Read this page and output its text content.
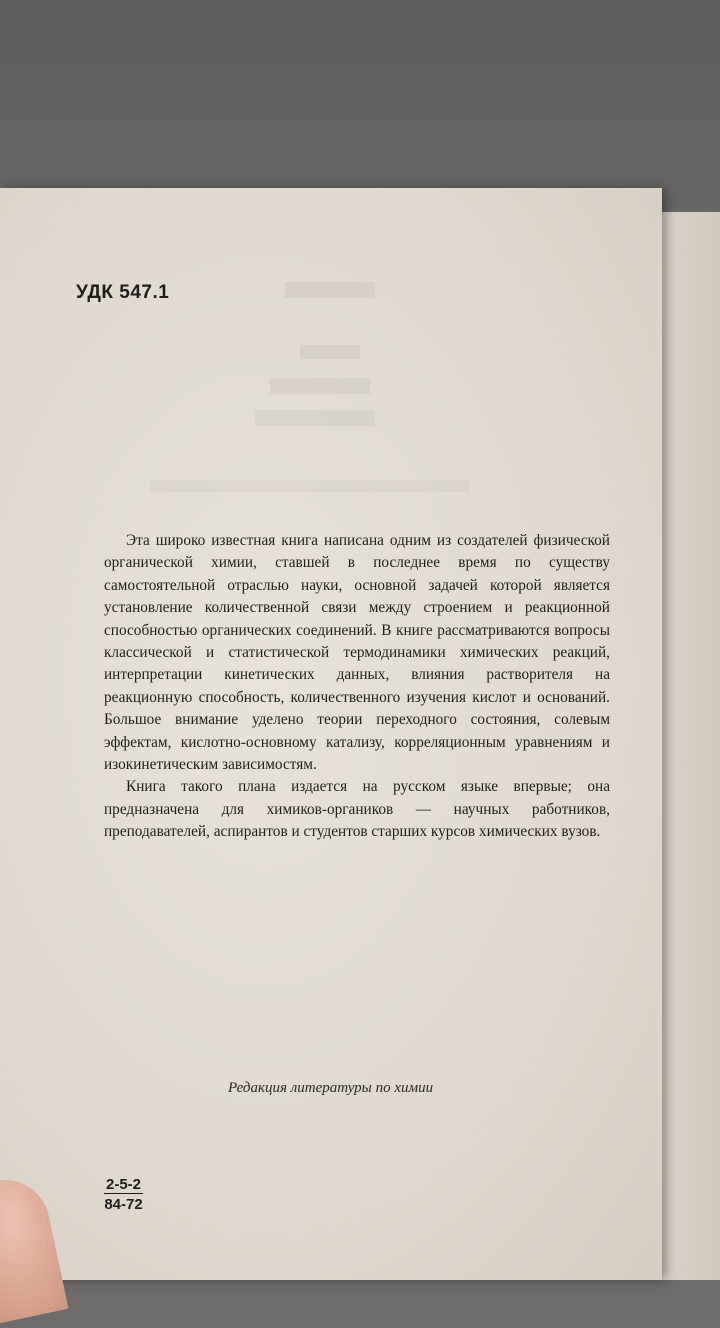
УДК 547.1

Эта широко известная книга написана одним из создателей физической органической химии, ставшей в последнее время по существу самостоятельной отраслью науки, основной задачей которой является установление количественной связи между строением и реакционной способностью органических соединений. В книге рассматриваются вопросы классической и статистической термодинамики химических реакций, интерпретации кинетических данных, влияния растворителя на реакционную способность, количественного изучения кислот и оснований. Большое внимание уделено теории переходного состояния, солевым эффектам, кислотно-основному катализу, корреляционным уравнениям и изокинетическим зависимостям.

Книга такого плана издается на русском языке впервые; она предназначена для химиков-органиков — научных работников, преподавателей, аспирантов и студентов старших курсов химических вузов.

Редакция литературы по химии
$\frac{2-5-2}{84-72}$
